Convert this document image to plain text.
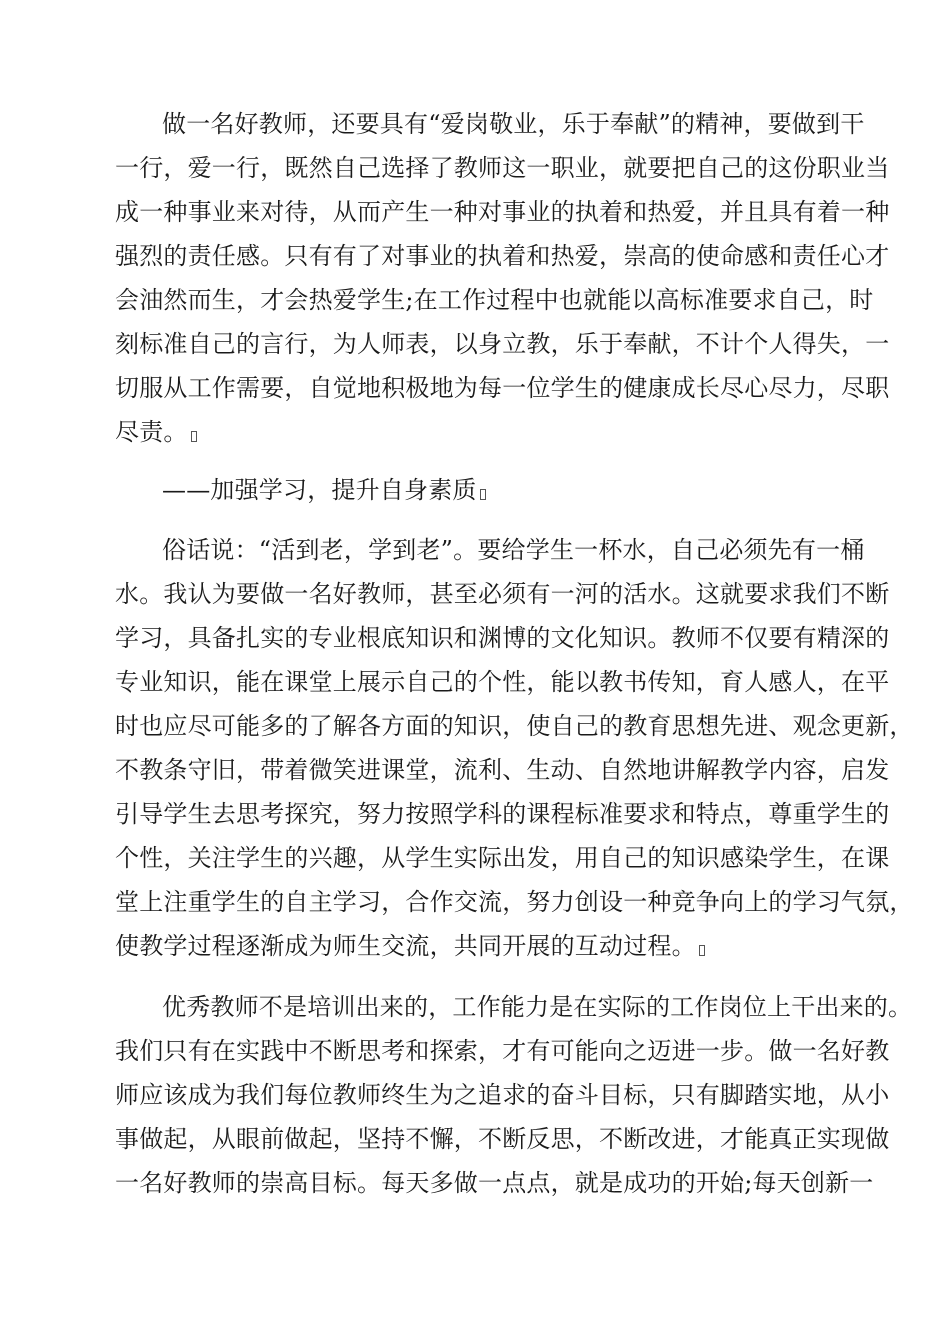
做一名好教师，还要具有“爱岗敬业，乐于奉献”的精神，要做到干
一行，爱一行，既然自己选择了教师这一职业，就要把自己的这份职业当
成一种事业来对待，从而产生一种对事业的执着和热爱，并且具有着一种
强烈的责任感。只有有了对事业的执着和热爱，崇高的使命感和责任心才
会油然而生，才会热爱学生;在工作过程中也就能以高标准要求自己，时
刻标准自己的言行，为人师表，以身立教，乐于奉献，不计个人得失，一
切服从工作需要，自觉地积极地为每一位学生的健康成长尽心尽力，尽职
尽责。
——加强学习，提升自身素质
俗话说：“活到老，学到老”。要给学生一杯水，自己必须先有一桶
水。我认为要做一名好教师，甚至必须有一河的活水。这就要求我们不断
学习，具备扎实的专业根底知识和渊博的文化知识。教师不仅要有精深的
专业知识，能在课堂上展示自己的个性，能以教书传知，育人感人，在平
时也应尽可能多的了解各方面的知识，使自己的教育思想先进、观念更新，
不教条守旧，带着微笑进课堂，流利、生动、自然地讲解教学内容，启发
引导学生去思考探究，努力按照学科的课程标准要求和特点，尊重学生的
个性，关注学生的兴趣，从学生实际出发，用自己的知识感染学生，在课
堂上注重学生的自主学习，合作交流，努力创设一种竞争向上的学习气氛，
使教学过程逐渐成为师生交流，共同开展的互动过程。
优秀教师不是培训出来的，工作能力是在实际的工作岗位上干出来的。
我们只有在实践中不断思考和探索，才有可能向之迈进一步。做一名好教
师应该成为我们每位教师终生为之追求的奋斗目标，只有脚踏实地，从小
事做起，从眼前做起，坚持不懈，不断反思，不断改进，才能真正实现做
一名好教师的崇高目标。每天多做一点点，就是成功的开始;每天创新一
